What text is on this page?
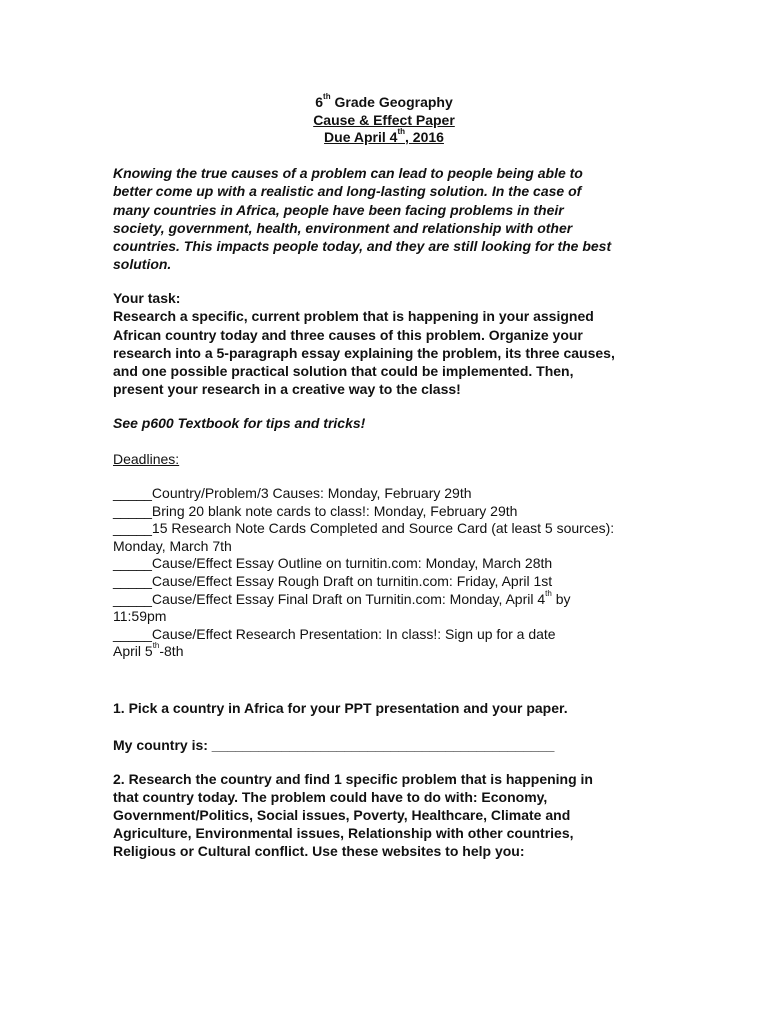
6th Grade Geography
Cause & Effect Paper
Due April 4th, 2016

Knowing the true causes of a problem can lead to people being able to

better come up with a realistic and long-lasting solution. In the case of

many countries in Africa, people have been facing problems in their

society, government, health, environment and relationship with other

countries. This impacts people today, and they are still looking for the best

solution.

Your task:

Research a specific, current problem that is happening in your assigned

African country today and three causes of this problem. Organize your

research into a 5-paragraph essay explaining the problem, its three causes,

and one possible practical solution that could be implemented. Then,

present your research in a creative way to the class!

See p600 Textbook for tips and tricks!
Deadlines:

_____Country/Problem/3 Causes: Monday, February 29th

_____Bring 20 blank note cards to class!: Monday, February 29th

_____15 Research Note Cards Completed and Source Card (at least 5 sources):

Monday, March 7th

_____Cause/Effect Essay Outline on turnitin.com: Monday, March 28th

_____Cause/Effect Essay Rough Draft on turnitin.com: Friday, April 1st

_____Cause/Effect Essay Final Draft on Turnitin.com: Monday, April 4th by

11:59pm

_____Cause/Effect Research Presentation: In class!: Sign up for a date

April 5th-8th

1. Pick a country in Africa for your PPT presentation and your paper.
My country is: ____________________________________________

2. Research the country and find 1 specific problem that is happening in

that country today. The problem could have to do with: Economy,

Government/Politics, Social issues, Poverty, Healthcare, Climate and

Agriculture, Environmental issues, Relationship with other countries,

Religious or Cultural conflict. Use these websites to help you:
